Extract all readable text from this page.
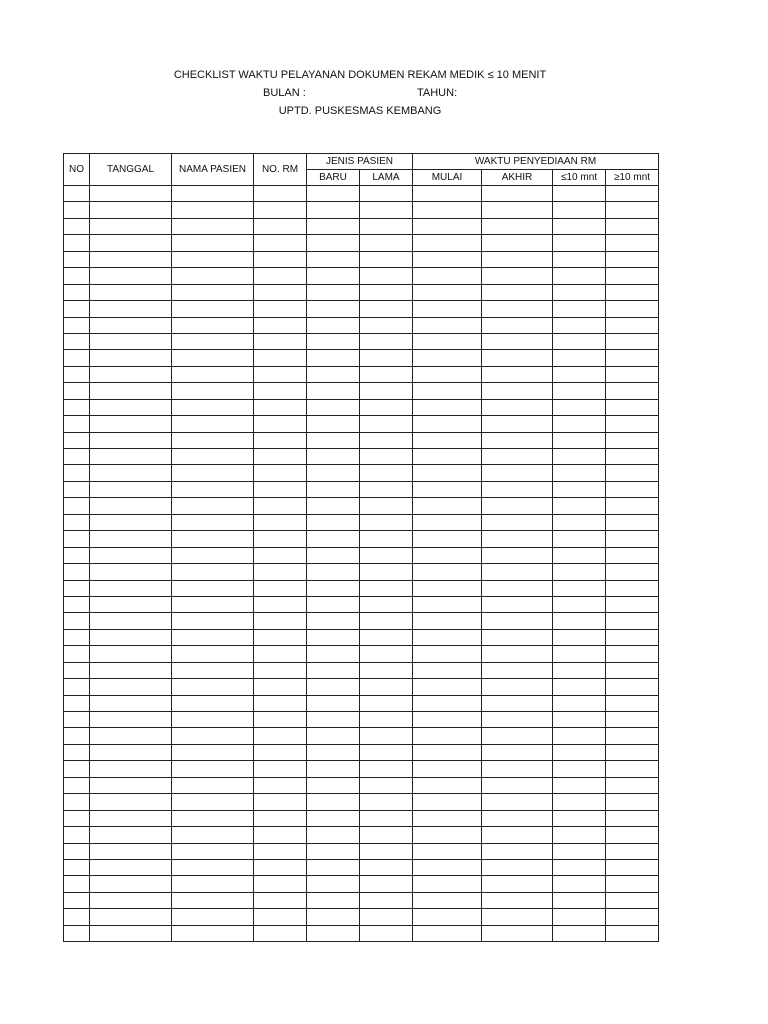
CHECKLIST WAKTU PELAYANAN DOKUMEN REKAM MEDIK ≤ 10 MENIT
BULAN :	TAHUN:
UPTD. PUSKESMAS KEMBANG
NO	TANGGAL	NAMA PASIEN	NO. RM	JENIS PASIEN		WAKTU PENYEDIAAN RM			
				BARU	LAMA	MULAI	AKHIR	≤10 mnt	≥10 mnt
